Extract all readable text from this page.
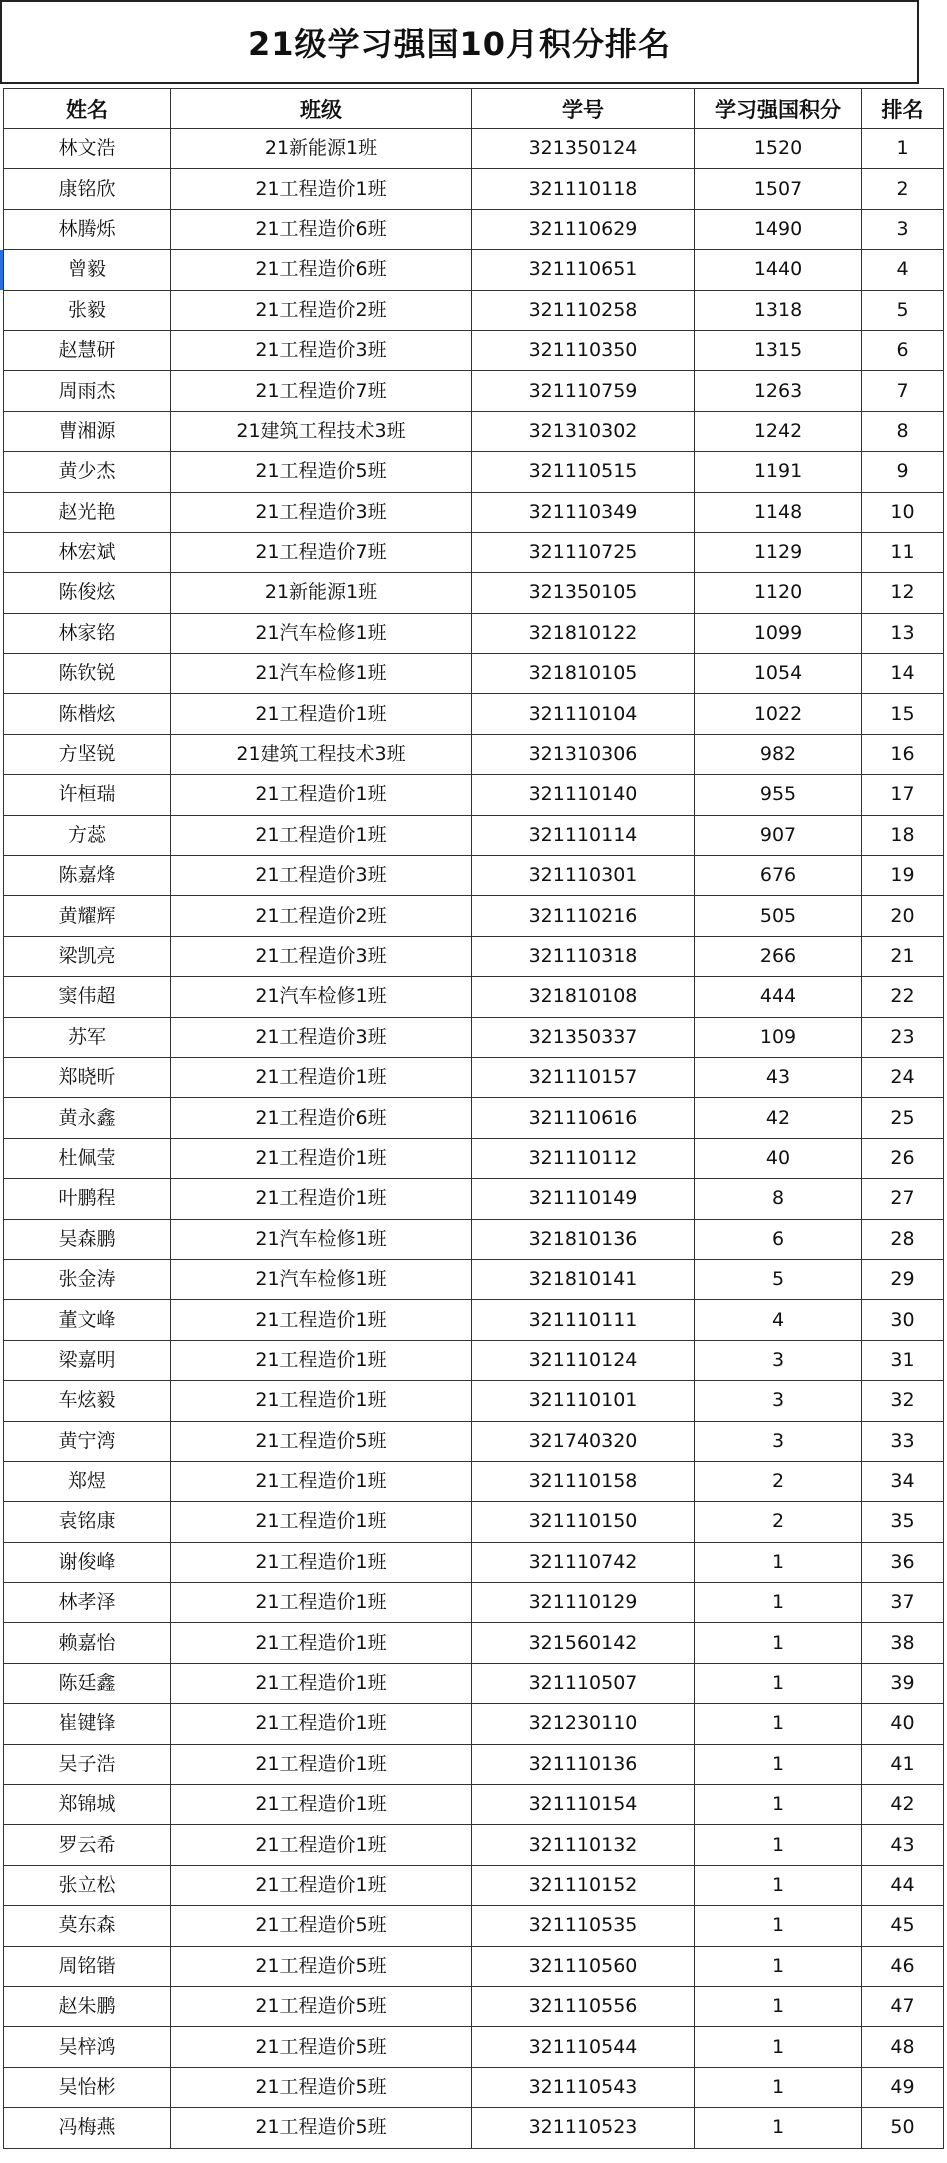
21级学习强国10月积分排名
姓名	班级	学号	学习强国积分	排名
林文浩	21新能源1班	321350124	1520	1
康铭欣	21工程造价1班	321110118	1507	2
林腾烁	21工程造价6班	321110629	1490	3
曾毅	21工程造价6班	321110651	1440	4
张毅	21工程造价2班	321110258	1318	5
赵慧研	21工程造价3班	321110350	1315	6
周雨杰	21工程造价7班	321110759	1263	7
曹湘源	21建筑工程技术3班	321310302	1242	8
黄少杰	21工程造价5班	321110515	1191	9
赵光艳	21工程造价3班	321110349	1148	10
林宏斌	21工程造价7班	321110725	1129	11
陈俊炫	21新能源1班	321350105	1120	12
林家铭	21汽车检修1班	321810122	1099	13
陈钦锐	21汽车检修1班	321810105	1054	14
陈楷炫	21工程造价1班	321110104	1022	15
方坚锐	21建筑工程技术3班	321310306	982	16
许桓瑞	21工程造价1班	321110140	955	17
方蕊	21工程造价1班	321110114	907	18
陈嘉烽	21工程造价3班	321110301	676	19
黄耀辉	21工程造价2班	321110216	505	20
梁凯亮	21工程造价3班	321110318	266	21
窦伟超	21汽车检修1班	321810108	444	22
苏军	21工程造价3班	321350337	109	23
郑晓昕	21工程造价1班	321110157	43	24
黄永鑫	21工程造价6班	321110616	42	25
杜佩莹	21工程造价1班	321110112	40	26
叶鹏程	21工程造价1班	321110149	8	27
吴森鹏	21汽车检修1班	321810136	6	28
张金涛	21汽车检修1班	321810141	5	29
董文峰	21工程造价1班	321110111	4	30
梁嘉明	21工程造价1班	321110124	3	31
车炫毅	21工程造价1班	321110101	3	32
黄宁湾	21工程造价5班	321740320	3	33
郑煜	21工程造价1班	321110158	2	34
袁铭康	21工程造价1班	321110150	2	35
谢俊峰	21工程造价1班	321110742	1	36
林孝泽	21工程造价1班	321110129	1	37
赖嘉怡	21工程造价1班	321560142	1	38
陈廷鑫	21工程造价1班	321110507	1	39
崔键锋	21工程造价1班	321230110	1	40
吴子浩	21工程造价1班	321110136	1	41
郑锦城	21工程造价1班	321110154	1	42
罗云希	21工程造价1班	321110132	1	43
张立松	21工程造价1班	321110152	1	44
莫东森	21工程造价5班	321110535	1	45
周铭锴	21工程造价5班	321110560	1	46
赵朱鹏	21工程造价5班	321110556	1	47
吴梓鸿	21工程造价5班	321110544	1	48
吴怡彬	21工程造价5班	321110543	1	49
冯梅燕	21工程造价5班	321110523	1	50
